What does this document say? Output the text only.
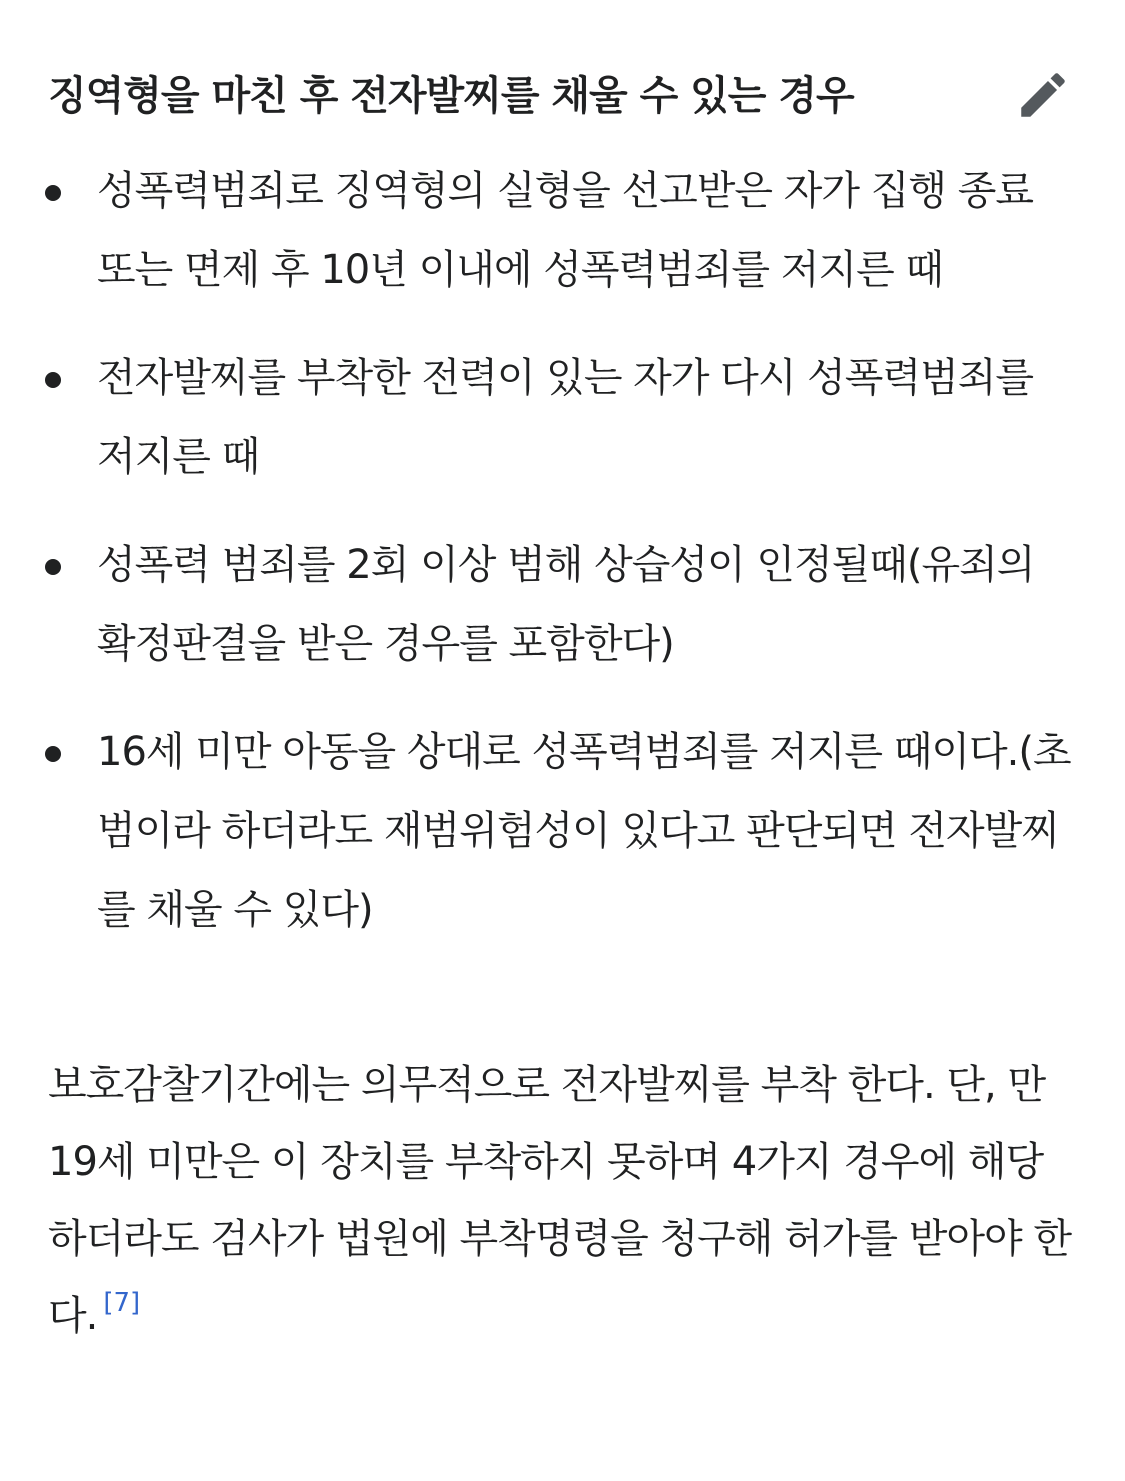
징역형을 마친 후 전자발찌를 채울 수 있는 경우
성폭력범죄로 징역형의 실형을 선고받은 자가 집행 종료 또는 면제 후 10년 이내에 성폭력범죄를 저지른 때
전자발찌를 부착한 전력이 있는 자가 다시 성폭력범죄를 저지른 때
성폭력 범죄를 2회 이상 범해 상습성이 인정될때(유죄의 확정판결을 받은 경우를 포함한다)
16세 미만 아동을 상대로 성폭력범죄를 저지른 때이다.(초범이라 하더라도 재범위험성이 있다고 판단되면 전자발찌를 채울 수 있다)

보호감찰기간에는 의무적으로 전자발찌를 부착 한다. 단, 만 19세 미만은 이 장치를 부착하지 못하며 4가지 경우에 해당하더라도 검사가 법원에 부착명령을 청구해 허가를 받아야 한다. [7]
